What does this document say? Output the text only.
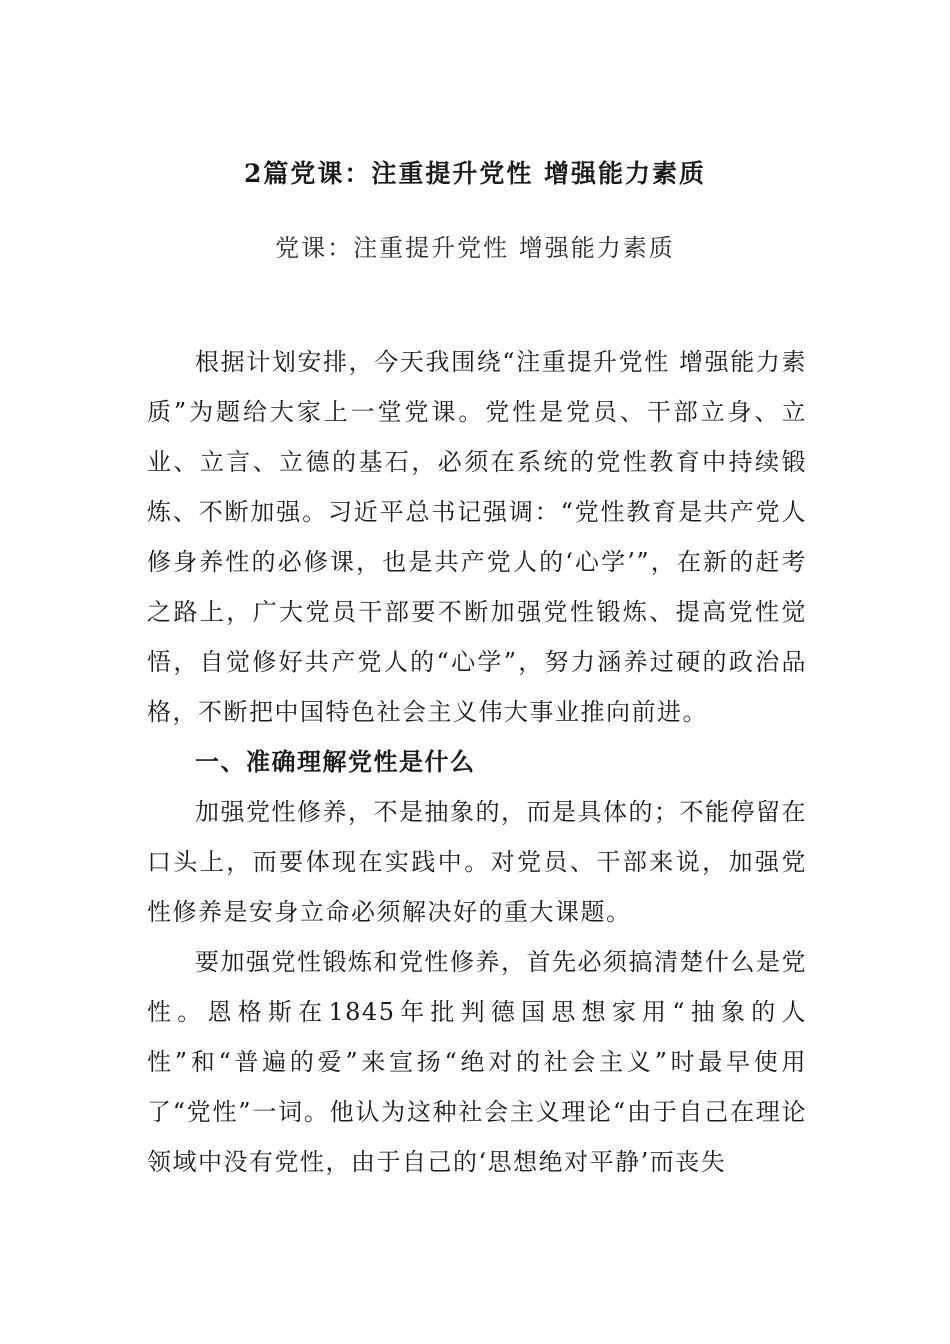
2篇党课：注重提升党性 增强能力素质
党课：注重提升党性 增强能力素质

根据计划安排，今天我围绕“注重提升党性 增强能力素质”为题给大家上一堂党课。党性是党员、干部立身、立业、立言、立德的基石，必须在系统的党性教育中持续锻炼、不断加强。习近平总书记强调：“党性教育是共产党人修身养性的必修课，也是共产党人的‘心学’”，在新的赶考之路上，广大党员干部要不断加强党性锻炼、提高党性觉悟，自觉修好共产党人的“心学”，努力涵养过硬的政治品格，不断把中国特色社会主义伟大事业推向前进。

一、准确理解党性是什么

加强党性修养，不是抽象的，而是具体的；不能停留在口头上，而要体现在实践中。对党员、干部来说，加强党性修养是安身立命必须解决好的重大课题。

要加强党性锻炼和党性修养，首先必须搞清楚什么是党性。恩格斯在1845年批判德国思想家用“抽象的人性”和“普遍的爱”来宣扬“绝对的社会主义”时最早使用了“党性”一词。他认为这种社会主义理论“由于自己在理论领域中没有党性，由于自己的‘思想绝对平静’而丧失
